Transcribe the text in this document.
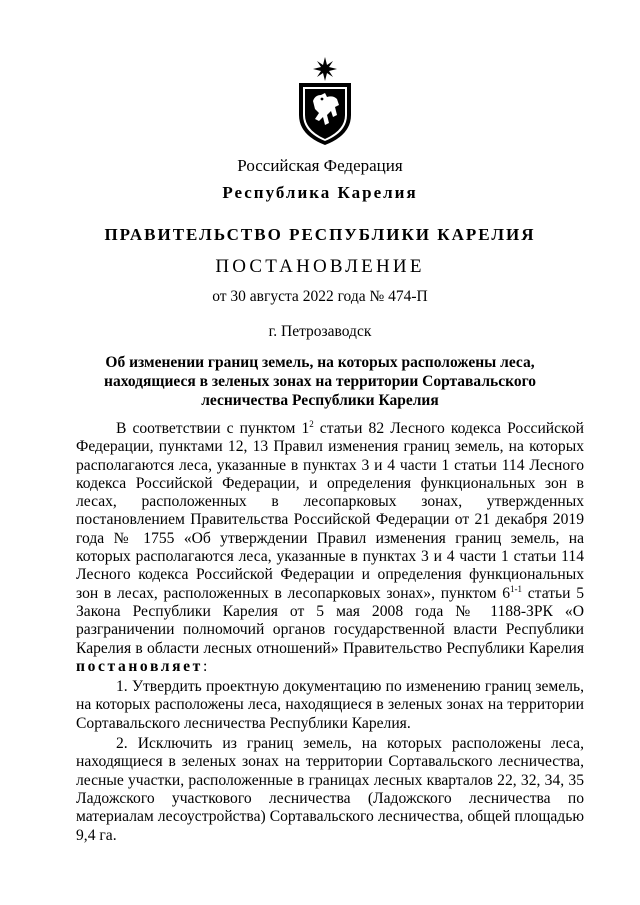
Российская Федерация
Республика Карелия
ПРАВИТЕЛЬСТВО РЕСПУБЛИКИ КАРЕЛИЯ
ПОСТАНОВЛЕНИЕ
от 30 августа 2022 года № 474-П
г. Петрозаводск
Об изменении границ земель, на которых расположены леса, находящиеся в зеленых зонах на территории Сортавальского лесничества Республики Карелия

В соответствии с пунктом $1^2$ статьи 82 Лесного кодекса Российской Федерации, пунктами 12, 13 Правил изменения границ земель, на которых располагаются леса, указанные в пунктах 3 и 4 части 1 статьи 114 Лесного кодекса Российской Федерации, и определения функциональных зон в лесах, расположенных в лесопарковых зонах, утвержденных постановлением Правительства Российской Федерации от 21 декабря 2019 года № 1755 «Об утверждении Правил изменения границ земель, на которых располагаются леса, указанные в пунктах 3 и 4 части 1 статьи 114 Лесного кодекса Российской Федерации и определения функциональных зон в лесах, расположенных в лесопарковых зонах», пунктом 6$^{1-1}$ статьи 5 Закона Республики Карелия от 5 мая 2008 года № 1188-ЗРК «О разграничении полномочий органов государственной власти Республики Карелия в области лесных отношений» Правительство Республики Карелия постановляет:

1. Утвердить проектную документацию по изменению границ земель, на которых расположены леса, находящиеся в зеленых зонах на территории Сортавальского лесничества Республики Карелия.

2. Исключить из границ земель, на которых расположены леса, находящиеся в зеленых зонах на территории Сортавальского лесничества, лесные участки, расположенные в границах лесных кварталов 22, 32, 34, 35 Ладожского участкового лесничества (Ладожского лесничества по материалам лесоустройства) Сортавальского лесничества, общей площадью 9,4 га.
